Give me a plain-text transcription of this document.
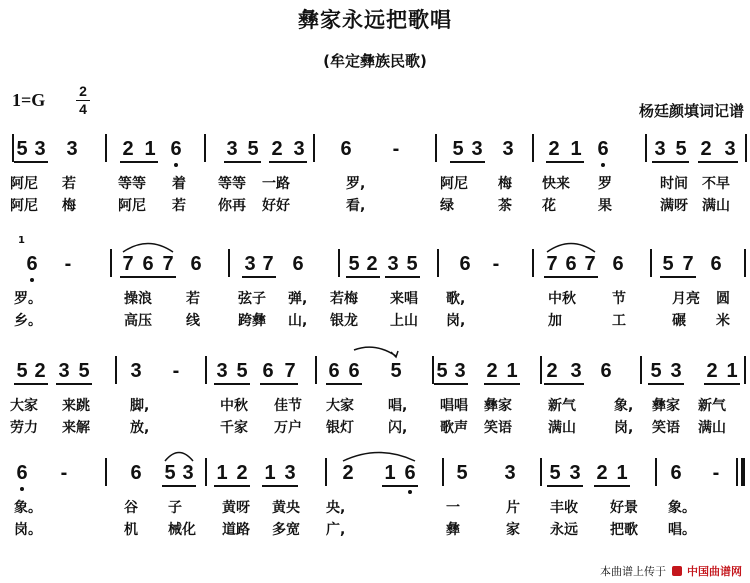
彝家永远把歌唱
(牟定彝族民歌)
1=G 2
4	杨廷颜填词记谱
5 3 3 2 1 6 3 5 2 3 6 -	5 3 3 2 1 6 3 5 2 3
阿尼 若	等等 着 等等 一路	罗,	阿尼 梅 快来 罗	时间 不早
阿尼 梅	阿尼 若 你再 好好	看,	绿	茶 花	果	满呀 满山
1
6 -	7 6 7 6 3 7 6 5 2 3 5 6 - 7 6 7 6 5 7 6
罗。	操浪 若	弦子 弹, 若梅 来唱 歌,	中秋	节	月亮 圆
乡。	高压 线	跨彝 山, 银龙 上山 岗,	加	工	碾 米
5 2 3 5 3 - 3 5 6 7 6 6 5 5 3 2 1 2 3 6 5 3 2 1
大家 来跳	脚,	中秋 佳节 大家 唱, 唱唱 彝家	新气	象, 彝家 新气
劳力 来解	放,	千家 万户 银灯 闪, 歌声 笑语	满山	岗, 笑语 满山
6 -	6 5 3 1 2 1 3 2 1 6 5 3 5 3 2 1 6 -
象。	谷 子	黄呀 黄央 央,	一	片 丰收 好景 象。
岗。	机 械化 道路 多宽 广,	彝	家 永远 把歌 唱。
本曲谱上传于 中国曲谱网
